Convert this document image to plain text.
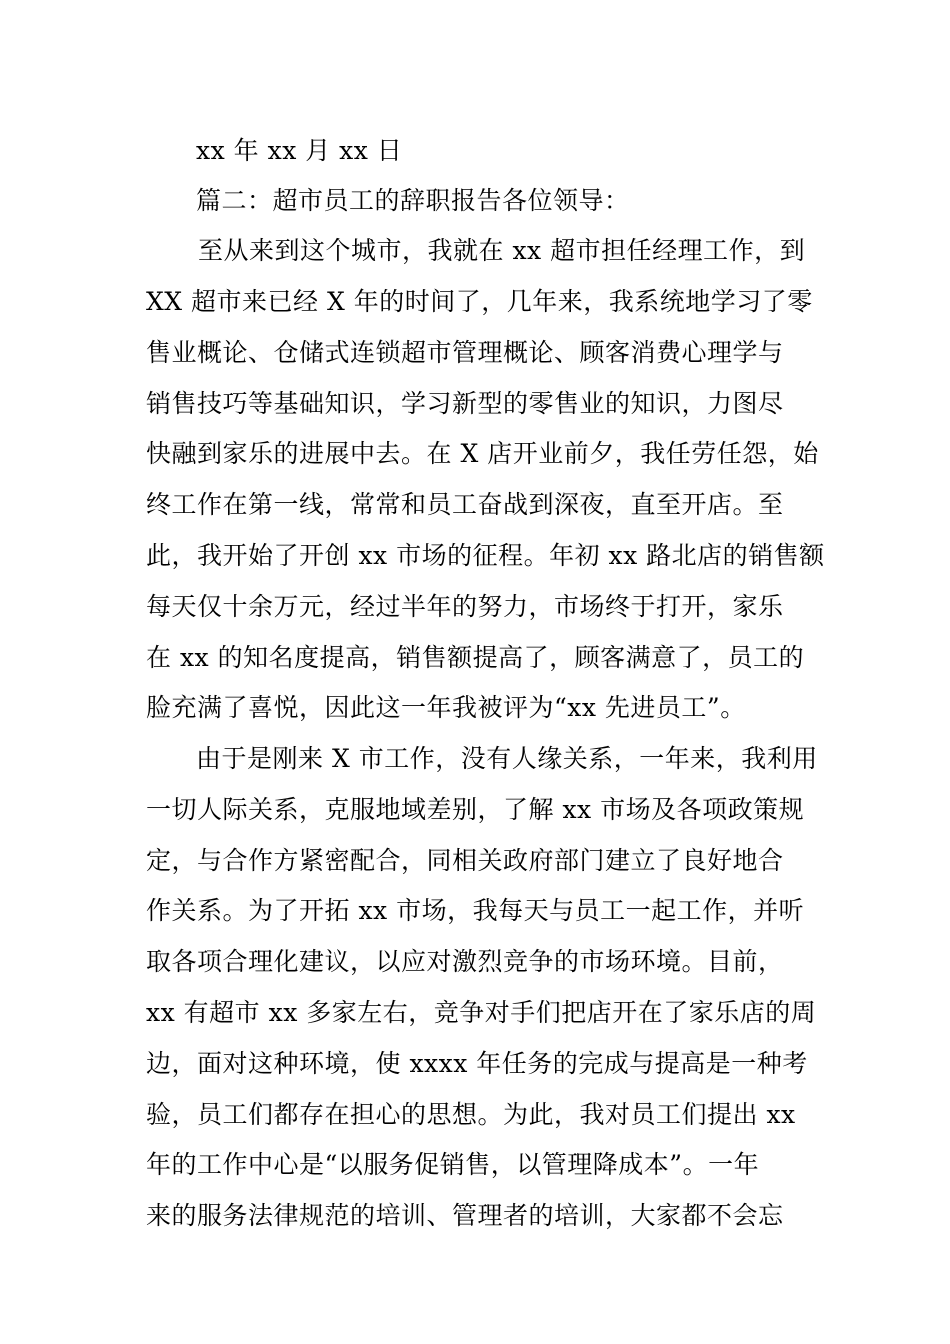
xx 年 xx 月 xx 日
篇二：超市员工的辞职报告各位领导：
至从来到这个城市，我就在 xx 超市担任经理工作，到
XX 超市来已经 X 年的时间了，几年来，我系统地学习了零
售业概论、仓储式连锁超市管理概论、顾客消费心理学与
销售技巧等基础知识，学习新型的零售业的知识，力图尽
快融到家乐的进展中去。在 X 店开业前夕，我任劳任怨，始
终工作在第一线，常常和员工奋战到深夜，直至开店。至
此，我开始了开创 xx 市场的征程。年初 xx 路北店的销售额
每天仅十余万元，经过半年的努力，市场终于打开，家乐
在 xx 的知名度提高，销售额提高了，顾客满意了，员工的
脸充满了喜悦，因此这一年我被评为“xx 先进员工”。
由于是刚来 X 市工作，没有人缘关系，一年来，我利用
一切人际关系，克服地域差别，了解 xx 市场及各项政策规
定，与合作方紧密配合，同相关政府部门建立了良好地合
作关系。为了开拓 xx 市场，我每天与员工一起工作，并听
取各项合理化建议，以应对激烈竞争的市场环境。目前，
xx 有超市 xx 多家左右，竞争对手们把店开在了家乐店的周
边，面对这种环境，使 xxxx 年任务的完成与提高是一种考
验，员工们都存在担心的思想。为此，我对员工们提出 xx
年的工作中心是“以服务促销售，以管理降成本”。一年
来的服务法律规范的培训、管理者的培训，大家都不会忘
